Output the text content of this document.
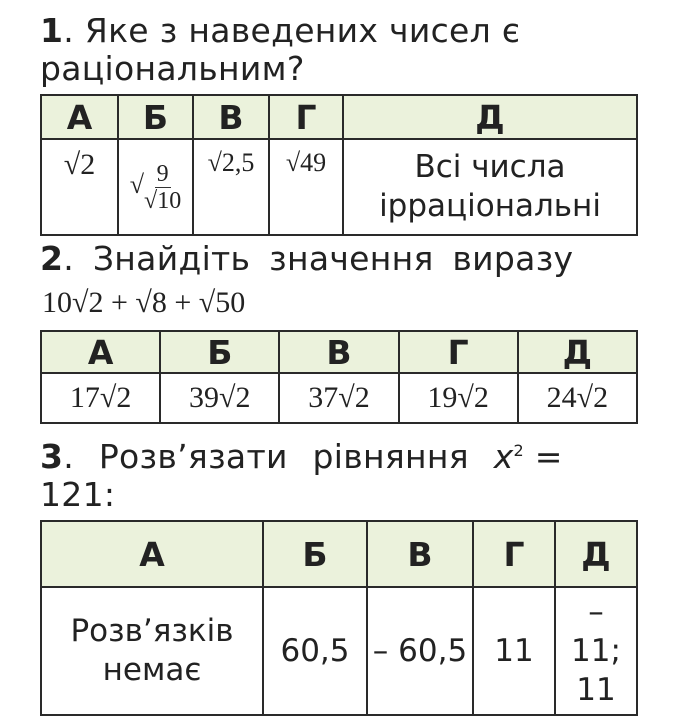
1. Яке з наведених чисел є раціональним?
А	Б	В	Г	Д
√2	√ $\frac{9}{√10}$	√2,5	√49	Всі числа ірраціональні
2. Знайдіть значення виразу
10√2 + √8 + √50
А	Б	В	Г	Д
17√2	39√2	37√2	19√2	24√2
3. Розв’язати рівняння $x^2 = 121$:
А	Б	В	Г	Д
Розв’язків немає	60,5	– 60,5	11	– 11; 11
